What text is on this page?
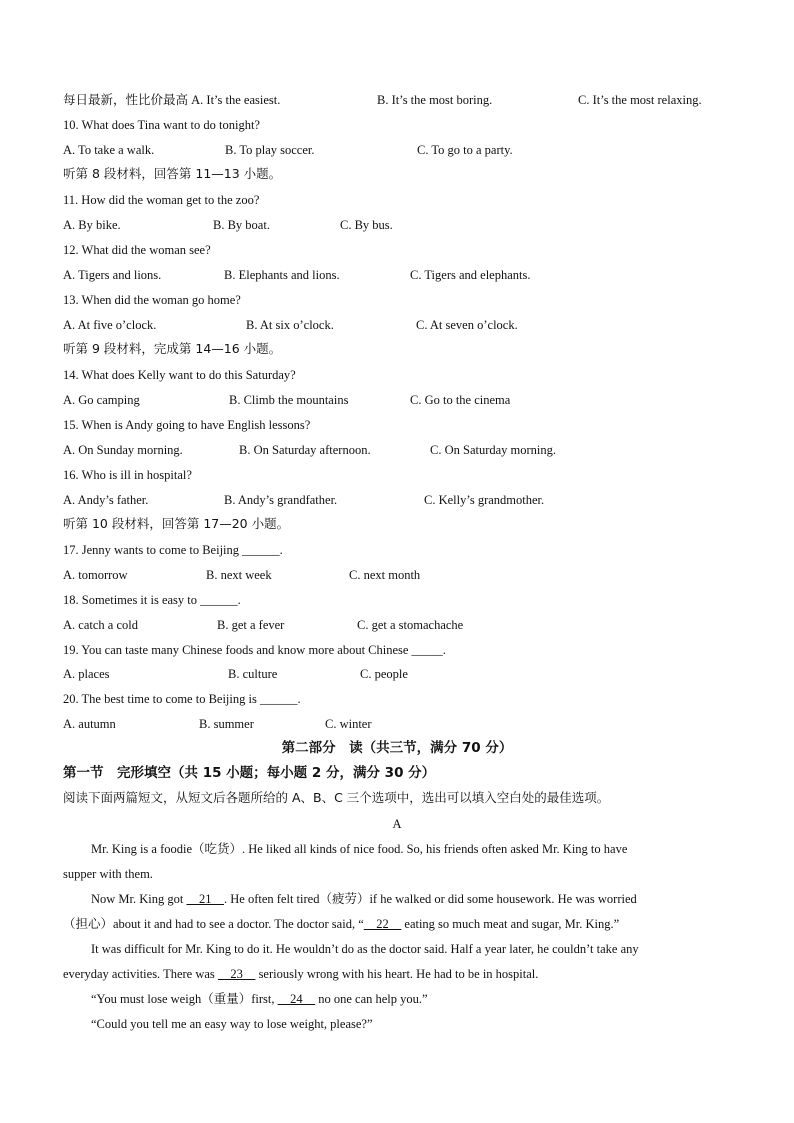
每日最新，性比价最高 A. It’s the easiest.	B. It’s the most boring.	C. It’s the most relaxing.
10. What does Tina want to do tonight?
A. To take a walk.	B. To play soccer.	C. To go to a party.
听第 8 段材料，回答第 11—13 小题。
11. How did the woman get to the zoo?
A. By bike.	B. By boat.	C. By bus.
12. What did the woman see?
A. Tigers and lions.	B. Elephants and lions.	C. Tigers and elephants.
13. When did the woman go home?
A. At five o’clock.	B. At six o’clock.	C. At seven o’clock.
听第 9 段材料，完成第 14—16 小题。
14. What does Kelly want to do this Saturday?
A. Go camping	B. Climb the mountains	C. Go to the cinema
15. When is Andy going to have English lessons?
A. On Sunday morning.	B. On Saturday afternoon.	C. On Saturday morning.
16. Who is ill in hospital?
A. Andy’s father.	B. Andy’s grandfather.	C. Kelly’s grandmother.
听第 10 段材料，回答第 17—20 小题。
17. Jenny wants to come to Beijing ______.
A. tomorrow	B. next week	C. next month
18. Sometimes it is easy to ______.
A. catch a cold	B. get a fever	C. get a stomachache
19. You can taste many Chinese foods and know more about Chinese _____.
A. places	B. culture	C. people
20. The best time to come to Beijing is ______.
A. autumn	B. summer	C. winter
第二部分　读（共三节，满分 70 分）
第一节　完形填空（共 15 小题；每小题 2 分，满分 30 分）
阅读下面两篇短文，从短文后各题所给的 A、B、C 三个选项中，选出可以填入空白处的最佳选项。
A
Mr. King is a foodie（吃货）. He liked all kinds of nice food. So, his friends often asked Mr. King to have
supper with them.
Now Mr. King got 　21　. He often felt tired（疲劳）if he walked or did some housework. He was worried
（担心）about it and had to see a doctor. The doctor said, “　22　 eating so much meat and sugar, Mr. King.”
It was difficult for Mr. King to do it. He wouldn’t do as the doctor said. Half a year later, he couldn’t take any
everyday activities. There was 　23　 seriously wrong with his heart. He had to be in hospital.
“You must lose weigh（重量）first, 　24　 no one can help you.”
“Could you tell me an easy way to lose weight, please?”
